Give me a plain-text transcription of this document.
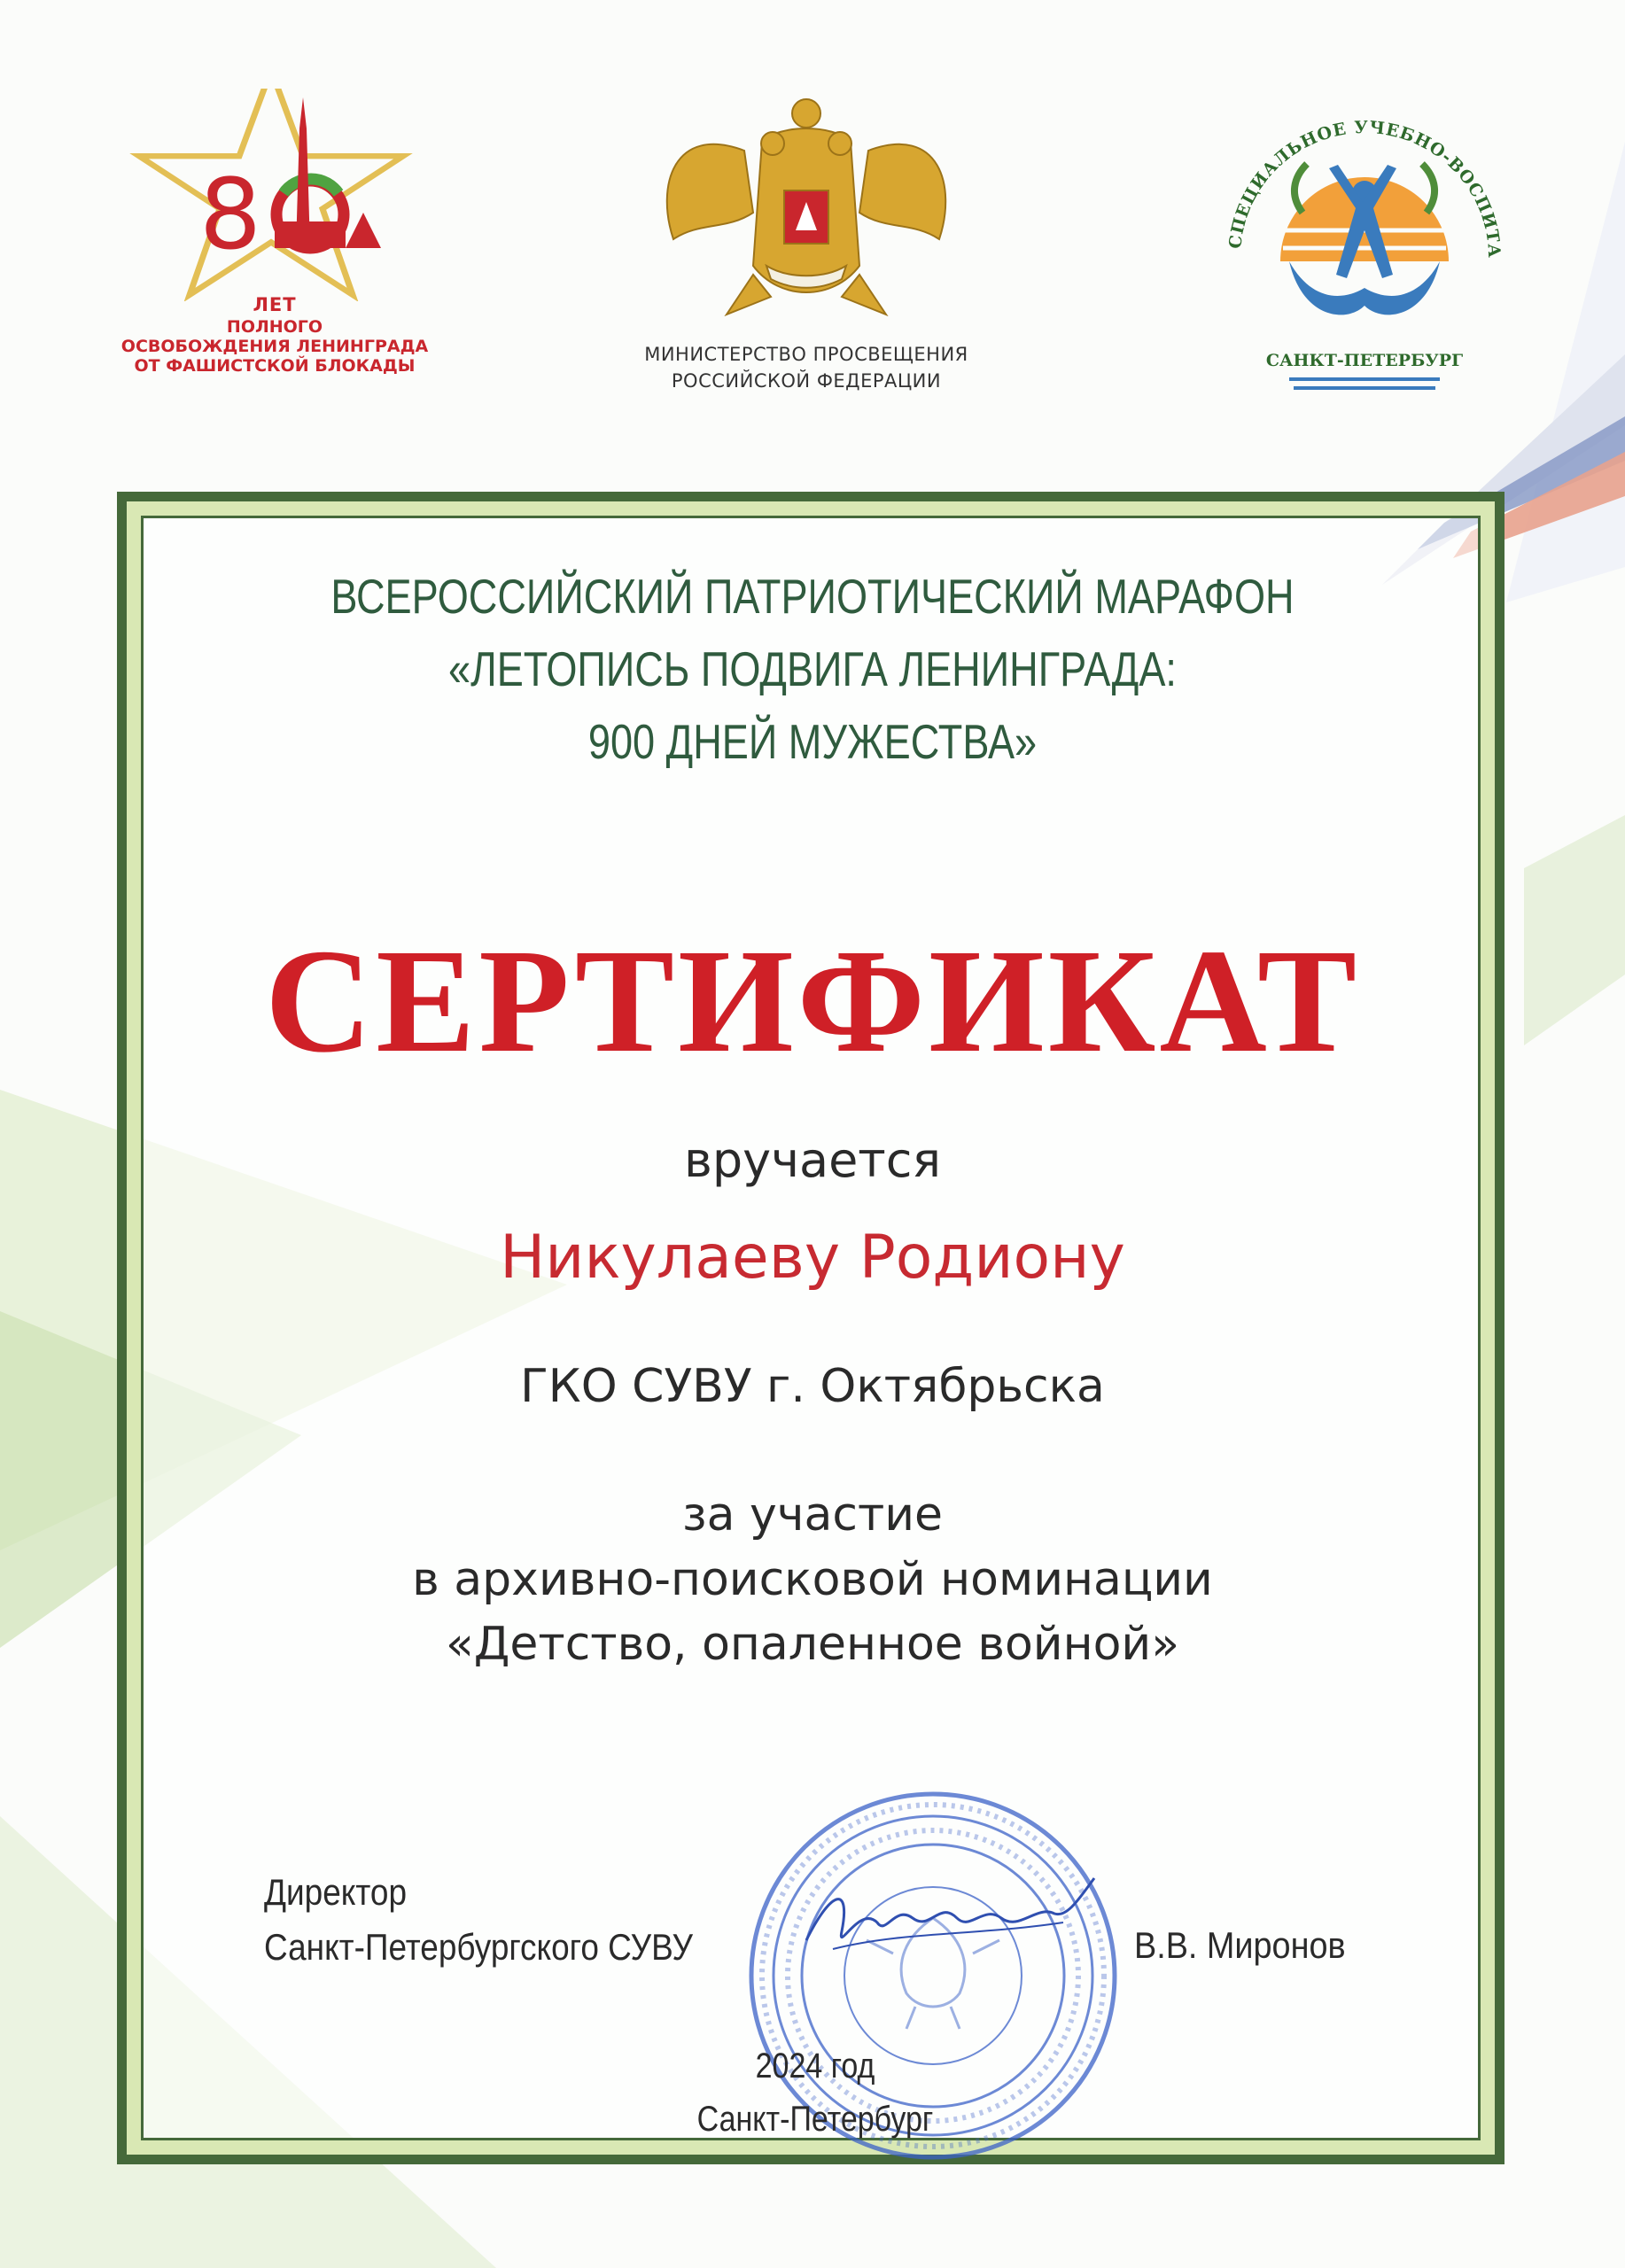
8
ЛЕТ
ПОЛНОГО
ОСВОБОЖДЕНИЯ ЛЕНИНГРАДА
ОТ ФАШИСТСКОЙ БЛОКАДЫ
МИНИСТЕРСТВО ПРОСВЕЩЕНИЯ
РОССИЙСКОЙ ФЕДЕРАЦИИ
СПЕЦИАЛЬНОЕ УЧЕБНО-ВОСПИТА
САНКТ-ПЕТЕРБУРГ
ВСЕРОССИЙСКИЙ ПАТРИОТИЧЕСКИЙ МАРАФОН
«ЛЕТОПИСЬ ПОДВИГА ЛЕНИНГРАДА:
900 ДНЕЙ МУЖЕСТВА»
СЕРТИФИКАТ
вручается
Никулаеву Родиону
ГКО СУВУ г. Октябрьска
за участие
в архивно-поисковой номинации
«Детство, опаленное войной»
Директор
Санкт-Петербургского СУВУ	В.В. Миронов
2024 год
Санкт-Петербург
